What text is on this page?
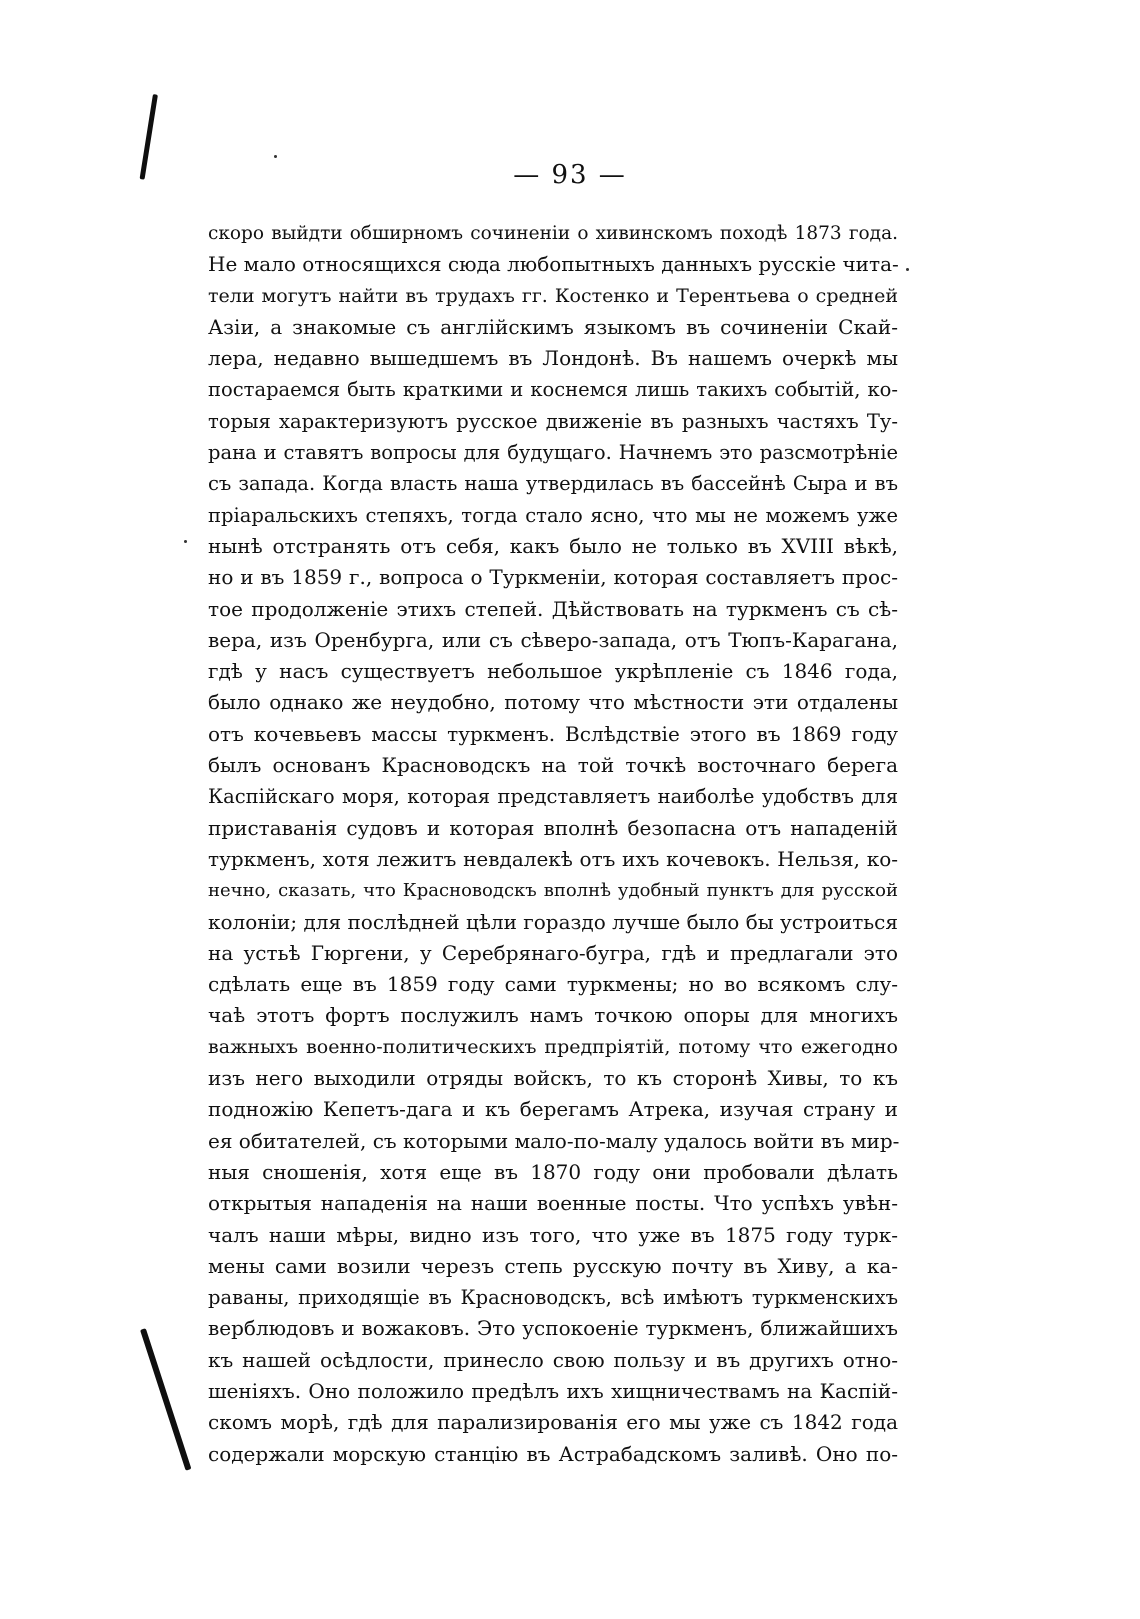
— 93 —
скоро выйдти обширномъ сочиненіи о хивинскомъ походѣ 1873 года.
Не мало относящихся сюда любопытныхъ данныхъ русскіе чита-
тели могутъ найти въ трудахъ гг. Костенко и Терентьева о средней
Азіи, а знакомые съ англійскимъ языкомъ въ сочиненіи Скай-
лера, недавно вышедшемъ въ Лондонѣ. Въ нашемъ очеркѣ мы
постараемся быть краткими и коснемся лишь такихъ событій, ко-
торыя характеризуютъ русское движеніе въ разныхъ частяхъ Ту-
рана и ставятъ вопросы для будущаго. Начнемъ это разсмотрѣніе
съ запада. Когда власть наша утвердилась въ бассейнѣ Сыра и въ
пріаральскихъ степяхъ, тогда стало ясно, что мы не можемъ уже
нынѣ отстранять отъ себя, какъ было не только въ XVIII вѣкѣ,
но и въ 1859 г., вопроса о Туркменіи, которая составляетъ прос-
тое продолженіе этихъ степей. Дѣйствовать на туркменъ съ сѣ-
вера, изъ Оренбурга, или съ сѣверо-запада, отъ Тюпъ-Карагана,
гдѣ у насъ существуетъ небольшое укрѣпленіе съ 1846 года,
было однако же неудобно, потому что мѣстности эти отдалены
отъ кочевьевъ массы туркменъ. Вслѣдствіе этого въ 1869 году
былъ основанъ Красноводскъ на той точкѣ восточнаго берега
Каспійскаго моря, которая представляетъ наиболѣе удобствъ для
приставанія судовъ и которая вполнѣ безопасна отъ нападеній
туркменъ, хотя лежитъ невдалекѣ отъ ихъ кочевокъ. Нельзя, ко-
нечно, сказать, что Красноводскъ вполнѣ удобный пунктъ для русской
колоніи; для послѣдней цѣли гораздо лучше было бы устроиться
на устьѣ Гюргени, у Серебрянаго-бугра, гдѣ и предлагали это
сдѣлать еще въ 1859 году сами туркмены; но во всякомъ слу-
чаѣ этотъ фортъ послужилъ намъ точкою опоры для многихъ
важныхъ военно-политическихъ предпріятій, потому что ежегодно
изъ него выходили отряды войскъ, то къ сторонѣ Хивы, то къ
подножію Кепетъ-дага и къ берегамъ Атрека, изучая страну и
ея обитателей, съ которыми мало-по-малу удалось войти въ мир-
ныя сношенія, хотя еще въ 1870 году они пробовали дѣлать
открытыя нападенія на наши военные посты. Что успѣхъ увѣн-
чалъ наши мѣры, видно изъ того, что уже въ 1875 году турк-
мены сами возили черезъ степь русскую почту въ Хиву, а ка-
раваны, приходящіе въ Красноводскъ, всѣ имѣютъ туркменскихъ
верблюдовъ и вожаковъ. Это успокоеніе туркменъ, ближайшихъ
къ нашей осѣдлости, принесло свою пользу и въ другихъ отно-
шеніяхъ. Оно положило предѣлъ ихъ хищничествамъ на Каспій-
скомъ морѣ, гдѣ для парализированія его мы уже съ 1842 года
содержали морскую станцію въ Астрабадскомъ заливѣ. Оно по-
